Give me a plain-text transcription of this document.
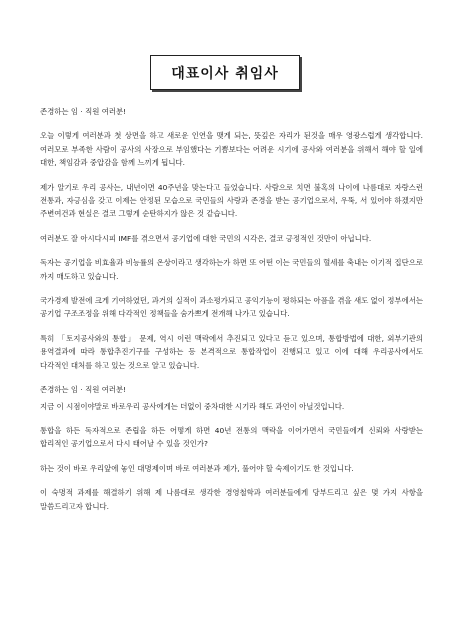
대표이사 취임사

존경하는 임 · 직원 여러분!

오늘 이렇게 여러분과 첫 상면을 하고 새로운 인연을 맺게 되는, 뜻깊은 자리가 된것을 매우 영광스럽게 생각합니다. 여러모로 부족한 사람이 공사의 사장으로 부임했다는 기쁨보다는 어려운 시기에 공사와 여러분을 위해서 해야 할 일에 대한, 책임감과 중압감을 함께 느끼게 됩니다.

제가 알기로 우리 공사는, 내년이면 40주년을 맞는다고 들었습니다. 사람으로 치면 불혹의 나이에 나름대로 자랑스런 전통과, 자긍심을 갖고 이제는 안정된 모습으로 국민들의 사랑과 존경을 받는 공기업으로서, 우뚝, 서 있어야 하겠지만 주변여건과 현실은 결코 그렇게 순탄하지가 않은 것 같습니다.

여러분도 잘 아시다시피 IMF를 겪으면서 공기업에 대한 국민의 시각은, 결코 긍정적인 것만이 아닙니다.

독자는 공기업을 비효율과 비능률의 온상이라고 생각하는가 하면 또 어떤 이는 국민들의 혈세를 축내는 이기적 집단으로 까지 매도하고 있습니다.

국가경제 발전에 크게 기여하였던, 과거의 실적이 과소평가되고 공익기능이 평하되는 아픔을 겪을 새도 없이 정부에서는 공기업 구조조정을 위해 다각적인 정책들을 숨가쁘게 전개해 나가고 있습니다.

특히 「토지공사와의 통합」 문제, 역시 이런 맥락에서 추진되고 있다고 듣고 있으며, 통합방법에 대한, 외부기관의 용역결과에 따라 통합추진기구를 구성하는 등 본격적으로 통합작업이 진행되고 있고 이에 대해 우리공사에서도 다각적인 대처를 하고 있는 것으로 알고 있습니다.

존경하는 임 · 직원 여러분!

지금 이 시점이야말로 바로우리 공사에게는 더없이 중차대한 시기라 해도 과언이 아닐것입니다.

통합을 하든 독자적으로 존립을 하든 어떻게 하면 40년 전통의 맥락을 이어가면서 국민들에게 신뢰와 사랑받는 합리적인 공기업으로서 다시 태어날 수 있을 것인가?

하는 것이 바로 우리앞에 놓인 대명제이며 바로 여러분과 제가, 풀어야 할 숙제이기도 한 것입니다.

이 숙명적 과제를 해결하기 위해 제 나름대로 생각한 경영철학과 여러분들에게 당부드리고 싶은 몇 가지 사항을 말씀드리고자 합니다.
